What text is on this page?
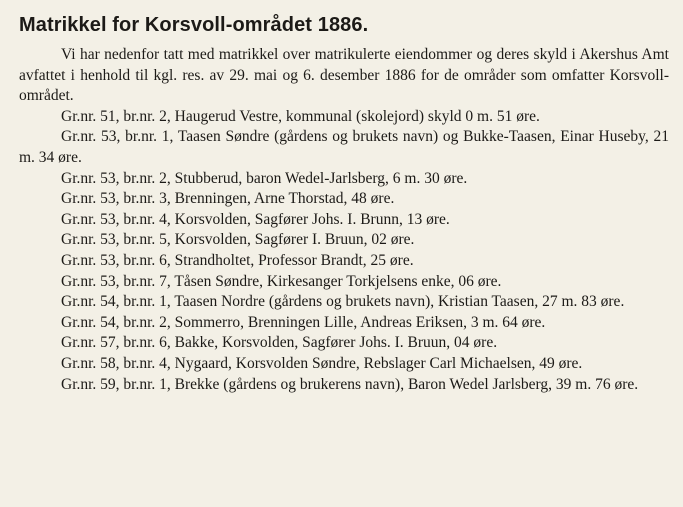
Matrikkel for Korsvoll-området 1886.

Vi har nedenfor tatt med matrikkel over matrikulerte eiendommer og deres skyld i Akershus Amt avfattet i henhold til kgl. res. av 29. mai og 6. desember 1886 for de områder som omfatter Korsvoll-området.

Gr.nr. 51, br.nr. 2, Haugerud Vestre, kommunal (skolejord) skyld 0 m. 51 øre.

Gr.nr. 53, br.nr. 1, Taasen Søndre (gårdens og brukets navn) og Bukke-Taasen, Einar Huseby, 21 m. 34 øre.

Gr.nr. 53, br.nr. 2, Stubberud, baron Wedel-Jarlsberg, 6 m. 30 øre.

Gr.nr. 53, br.nr. 3, Brenningen, Arne Thorstad, 48 øre.

Gr.nr. 53, br.nr. 4, Korsvolden, Sagfører Johs. I. Brunn, 13 øre.

Gr.nr. 53, br.nr. 5, Korsvolden, Sagfører I. Bruun, 02 øre.

Gr.nr. 53, br.nr. 6, Strandholtet, Professor Brandt, 25 øre.

Gr.nr. 53, br.nr. 7, Tåsen Søndre, Kirkesanger Torkjelsens enke, 06 øre.

Gr.nr. 54, br.nr. 1, Taasen Nordre (gårdens og brukets navn), Kristian Taasen, 27 m. 83 øre.

Gr.nr. 54, br.nr. 2, Sommerro, Brenningen Lille, Andreas Eriksen, 3 m. 64 øre.

Gr.nr. 57, br.nr. 6, Bakke, Korsvolden, Sagfører Johs. I. Bruun, 04 øre.

Gr.nr. 58, br.nr. 4, Nygaard, Korsvolden Søndre, Rebslager Carl Michaelsen, 49 øre.

Gr.nr. 59, br.nr. 1, Brekke (gårdens og brukerens navn), Baron Wedel Jarlsberg, 39 m. 76 øre.
